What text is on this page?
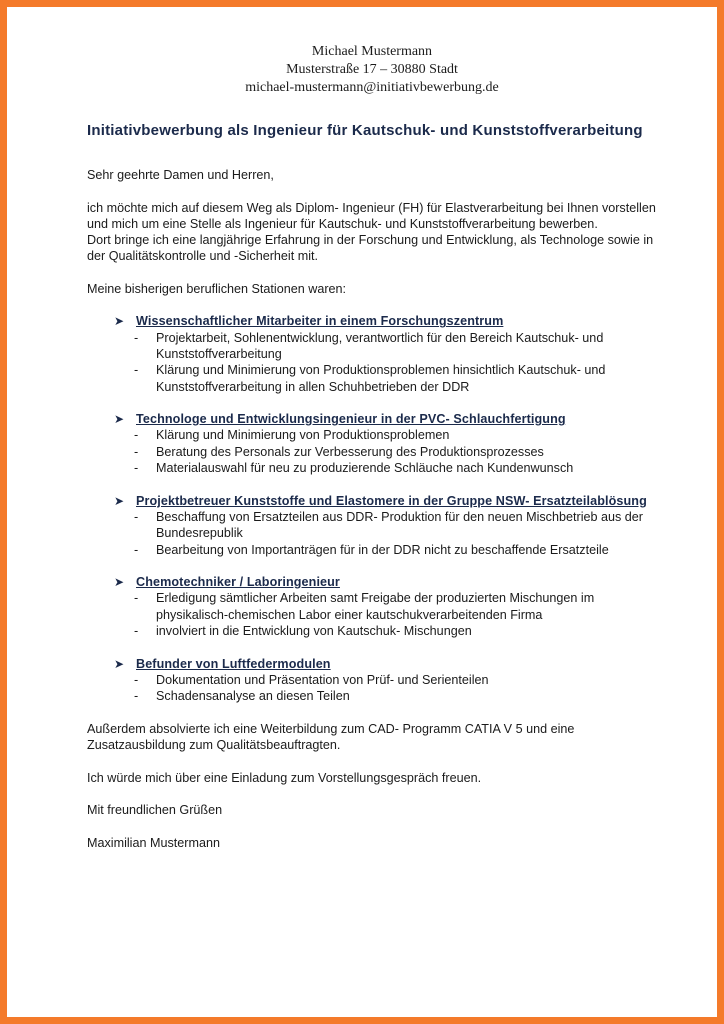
Michael Mustermann
Musterstraße 17 – 30880 Stadt
michael-mustermann@initiativbewerbung.de
Initiativbewerbung als Ingenieur für Kautschuk- und Kunststoffverarbeitung

Sehr geehrte Damen und Herren,

ich möchte mich auf diesem Weg als Diplom- Ingenieur (FH) für Elastverarbeitung bei Ihnen vorstellen und mich um eine Stelle als Ingenieur für Kautschuk- und Kunststoffverarbeitung bewerben.

Dort bringe ich eine langjährige Erfahrung in der Forschung und Entwicklung, als Technologe sowie in der Qualitätskontrolle und -Sicherheit mit.

Meine bisherigen beruflichen Stationen waren:

➤ Wissenschaftlicher Mitarbeiter in einem Forschungszentrum
-	Projektarbeit, Sohlenentwicklung, verantwortlich für den Bereich Kautschuk- und Kunststoffverarbeitung
-	Klärung und Minimierung von Produktionsproblemen hinsichtlich Kautschuk- und Kunststoffverarbeitung in allen Schuhbetrieben der DDR
➤ Technologe und Entwicklungsingenieur in der PVC- Schlauchfertigung
-	Klärung und Minimierung von Produktionsproblemen
-	Beratung des Personals zur Verbesserung des Produktionsprozesses
-	Materialauswahl für neu zu produzierende Schläuche nach Kundenwunsch
➤ Projektbetreuer Kunststoffe und Elastomere in der Gruppe NSW- Ersatzteilablösung
-	Beschaffung von Ersatzteilen aus DDR- Produktion für den neuen Mischbetrieb aus der Bundesrepublik
-	Bearbeitung von Importanträgen für in der DDR nicht zu beschaffende Ersatzteile
➤ Chemotechniker / Laboringenieur
-	Erledigung sämtlicher Arbeiten samt Freigabe der produzierten Mischungen im physikalisch-chemischen Labor einer kautschukverarbeitenden Firma
-	involviert in die Entwicklung von Kautschuk- Mischungen
➤ Befunder von Luftfedermodulen
-	Dokumentation und Präsentation von Prüf- und Serienteilen
-	Schadensanalyse an diesen Teilen

Außerdem absolvierte ich eine Weiterbildung zum CAD- Programm CATIA V 5 und eine Zusatzausbildung zum Qualitätsbeauftragten.

Ich würde mich über eine Einladung zum Vorstellungsgespräch freuen.

Mit freundlichen Grüßen

Maximilian Mustermann
